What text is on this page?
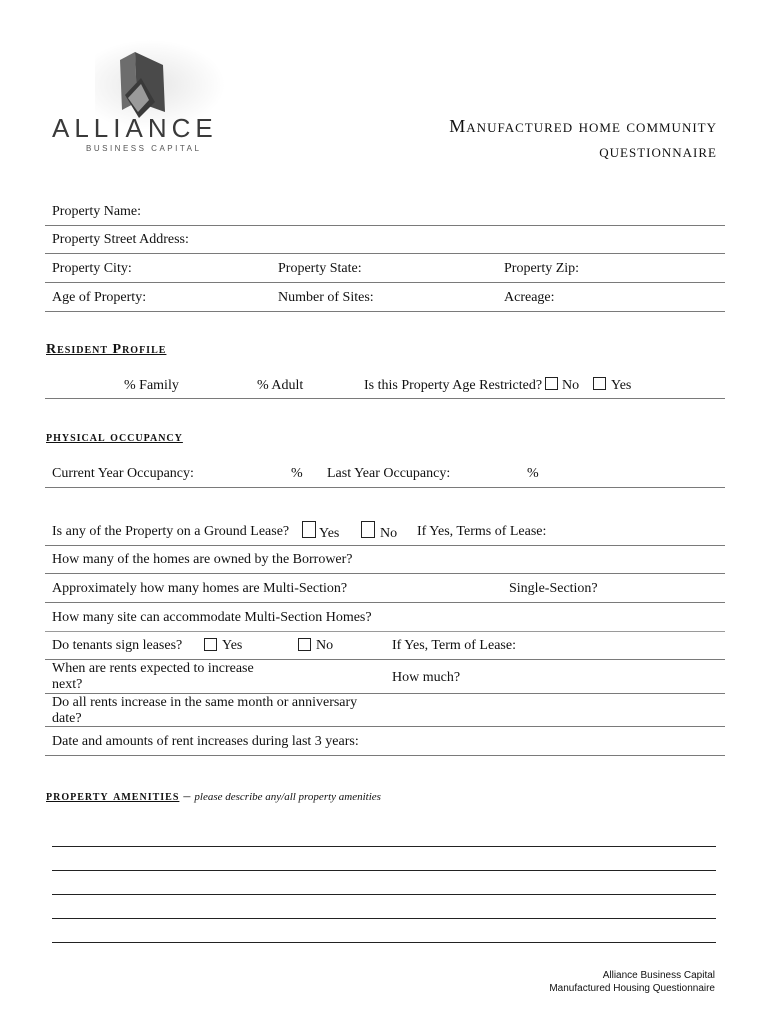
ALLIANCE
BUSINESS CAPITAL
Manufactured home community
questionnaire
Property Name:
Property Street Address:
Property City:	Property State:	Property Zip:
Age of Property:	Number of Sites:	Acreage:
Resident Profile
% Family	% Adult	Is this Property Age Restricted? No Yes
physical occupancy
Current Year Occupancy:	% Last Year Occupancy:	%
Is any of the Property on a Ground Lease? Yes	No If Yes, Terms of Lease:
How many of the homes are owned by the Borrower?
Approximately how many homes are Multi-Section?	Single-Section?
How many site can accommodate Multi-Section Homes?
Do tenants sign leases?	Yes	No	If Yes, Term of Lease:
When are rents expected to increase
next?	How much?
Do all rents increase in the same month or anniversary
date?
Date and amounts of rent increases during last 3 years:
property amenities – please describe any/all property amenities
Alliance Business Capital
Manufactured Housing Questionnaire
